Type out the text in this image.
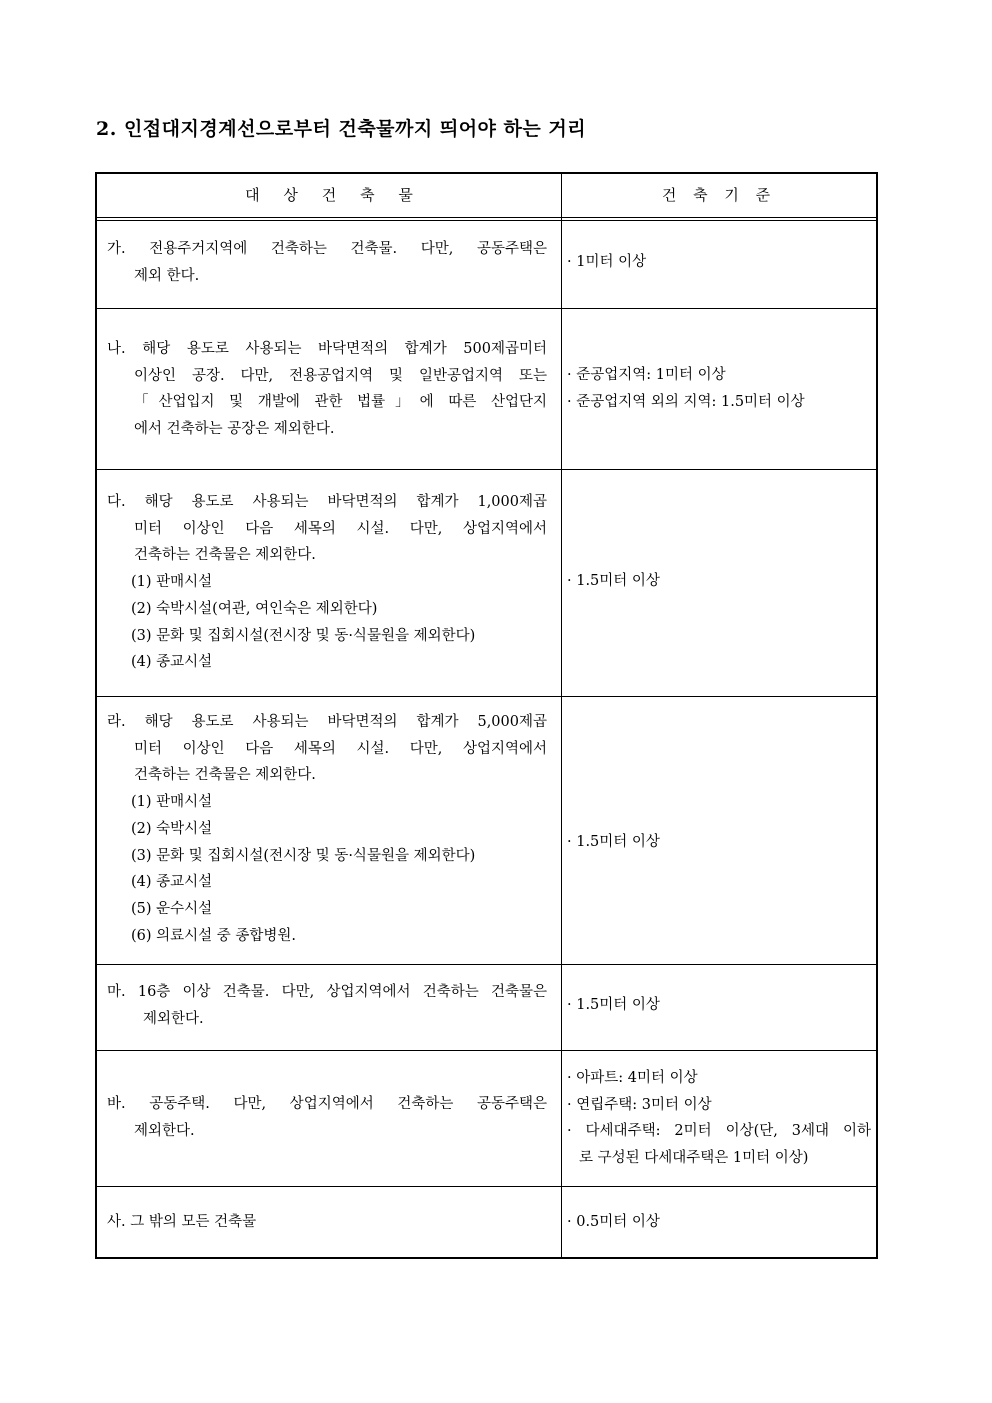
2. 인접대지경계선으로부터 건축물까지 띄어야 하는 거리
대     상     건     축     물	건 축 기 준
가. 전용주거지역에 건축하는 건축물. 다만, 공동주택은
제외 한다.
· 1미터 이상
나. 해당 용도로 사용되는 바닥면적의 합계가 500제곱미터
이상인 공장. 다만, 전용공업지역 및 일반공업지역 또는
「산업입지 및 개발에 관한 법률」에 따른 산업단지
에서 건축하는 공장은 제외한다.
· 준공업지역: 1미터 이상
· 준공업지역 외의 지역: 1.5미터 이상
다. 해당 용도로 사용되는 바닥면적의 합계가 1,000제곱
미터 이상인 다음 세목의 시설. 다만, 상업지역에서
건축하는 건축물은 제외한다.
(1) 판매시설
(2) 숙박시설(여관, 여인숙은 제외한다)
(3) 문화 및 집회시설(전시장 및 동·식물원을 제외한다)
(4) 종교시설
· 1.5미터 이상
라. 해당 용도로 사용되는 바닥면적의 합계가 5,000제곱
미터 이상인 다음 세목의 시설. 다만, 상업지역에서
건축하는 건축물은 제외한다.
(1) 판매시설
(2) 숙박시설
(3) 문화 및 집회시설(전시장 및 동·식물원을 제외한다)
(4) 종교시설
(5) 운수시설
(6) 의료시설 중 종합병원.
· 1.5미터 이상
마. 16층 이상 건축물. 다만, 상업지역에서 건축하는 건축물은
제외한다.
· 1.5미터 이상
바. 공동주택. 다만, 상업지역에서 건축하는 공동주택은
제외한다.
· 아파트: 4미터 이상
· 연립주택: 3미터 이상
· 다세대주택: 2미터 이상(단, 3세대 이하
로 구성된 다세대주택은 1미터 이상)
사. 그 밖의 모든 건축물	· 0.5미터 이상
